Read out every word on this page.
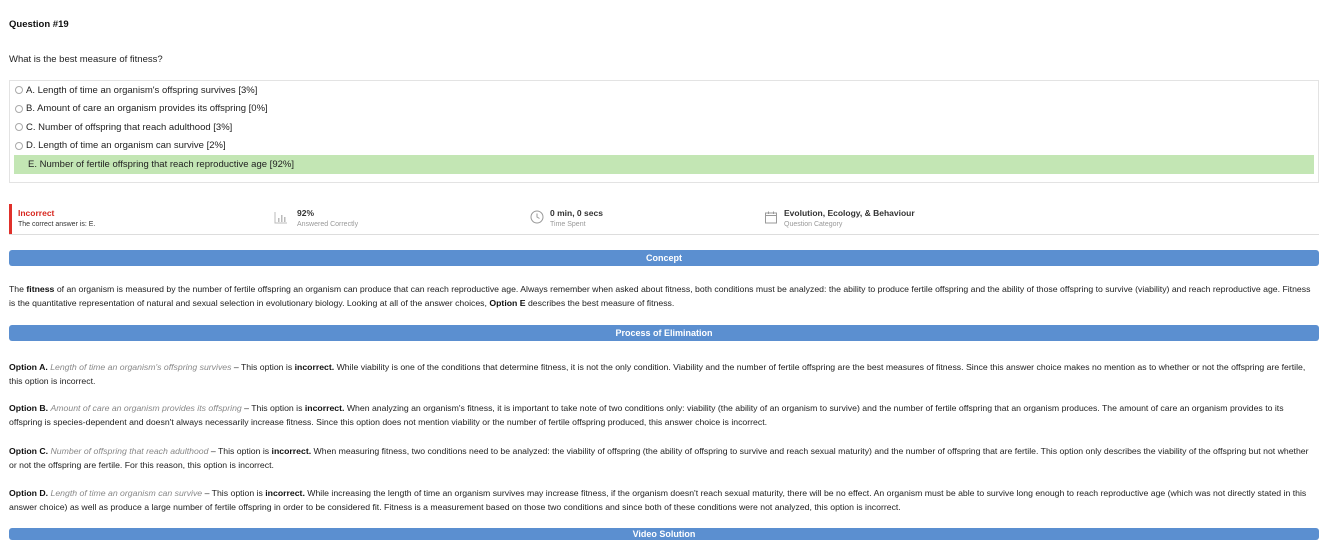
Question #19
What is the best measure of fitness?
A. Length of time an organism's offspring survives [3%]
B. Amount of care an organism provides its offspring [0%]
C. Number of offspring that reach adulthood [3%]
D. Length of time an organism can survive [2%]
E. Number of fertile offspring that reach reproductive age [92%]
Incorrect
The correct answer is: E.
92%
Answered Correctly
0 min, 0 secs
Time Spent
Evolution, Ecology, & Behaviour
Question Category
Concept
The fitness of an organism is measured by the number of fertile offspring an organism can produce that can reach reproductive age. Always remember when asked about fitness, both conditions must be analyzed: the ability to produce fertile offspring and the ability of those offspring to survive (viability) and reach reproductive age. Fitness is the quantitative representation of natural and sexual selection in evolutionary biology. Looking at all of the answer choices, Option E describes the best measure of fitness.
Process of Elimination
Option A. Length of time an organism's offspring survives – This option is incorrect. While viability is one of the conditions that determine fitness, it is not the only condition. Viability and the number of fertile offspring are the best measures of fitness. Since this answer choice makes no mention as to whether or not the offspring are fertile, this option is incorrect.
Option B. Amount of care an organism provides its offspring – This option is incorrect. When analyzing an organism's fitness, it is important to take note of two conditions only: viability (the ability of an organism to survive) and the number of fertile offspring that an organism produces. The amount of care an organism provides to its offspring is species-dependent and doesn't always necessarily increase fitness. Since this option does not mention viability or the number of fertile offspring produced, this answer choice is incorrect.
Option C. Number of offspring that reach adulthood – This option is incorrect. When measuring fitness, two conditions need to be analyzed: the viability of offspring (the ability of offspring to survive and reach sexual maturity) and the number of offspring that are fertile. This option only describes the viability of the offspring but not whether or not the offspring are fertile. For this reason, this option is incorrect.
Option D. Length of time an organism can survive – This option is incorrect. While increasing the length of time an organism survives may increase fitness, if the organism doesn't reach sexual maturity, there will be no effect. An organism must be able to survive long enough to reach reproductive age (which was not directly stated in this answer choice) as well as produce a large number of fertile offspring in order to be considered fit. Fitness is a measurement based on those two conditions and since both of these conditions were not analyzed, this option is incorrect.
Video Solution
